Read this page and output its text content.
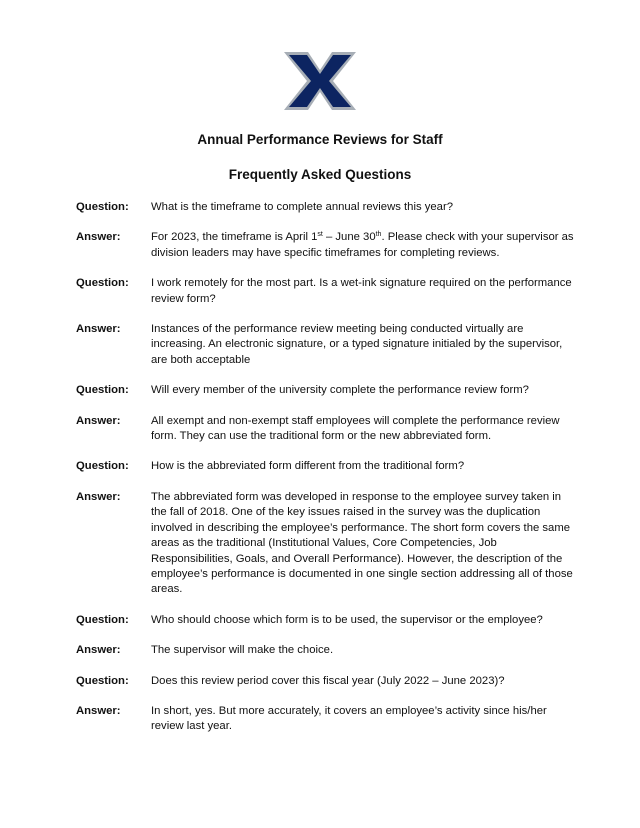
Annual Performance Reviews for Staff
Frequently Asked Questions
Question:	What is the timeframe to complete annual reviews this year?
Answer:	For 2023, the timeframe is April 1st – June 30th. Please check with your supervisor as division leaders may have specific timeframes for completing reviews.
Question:	I work remotely for the most part. Is a wet-ink signature required on the performance review form?
Answer:	Instances of the performance review meeting being conducted virtually are increasing. An electronic signature, or a typed signature initialed by the supervisor, are both acceptable
Question:	Will every member of the university complete the performance review form?
Answer:	All exempt and non-exempt staff employees will complete the performance review form. They can use the traditional form or the new abbreviated form.
Question:	How is the abbreviated form different from the traditional form?
Answer:	The abbreviated form was developed in response to the employee survey taken in the fall of 2018. One of the key issues raised in the survey was the duplication involved in describing the employee’s performance. The short form covers the same areas as the traditional (Institutional Values, Core Competencies, Job Responsibilities, Goals, and Overall Performance). However, the description of the employee’s performance is documented in one single section addressing all of those areas.
Question:	Who should choose which form is to be used, the supervisor or the employee?
Answer:	The supervisor will make the choice.
Question:	Does this review period cover this fiscal year (July 2022 – June 2023)?
Answer:	In short, yes. But more accurately, it covers an employee’s activity since his/her review last year.
